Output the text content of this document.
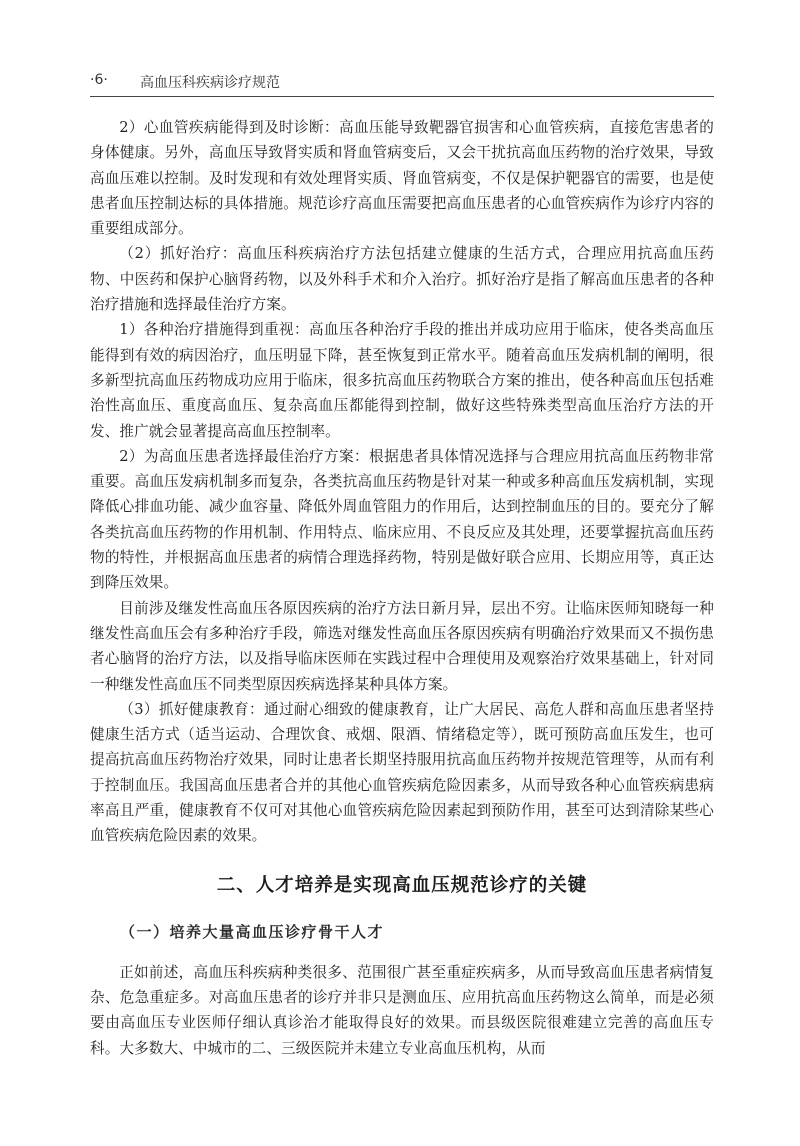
·6· 高血压科疾病诊疗规范

2）心血管疾病能得到及时诊断：高血压能导致靶器官损害和心血管疾病，直接危害患者的身体健康。另外，高血压导致肾实质和肾血管病变后，又会干扰抗高血压药物的治疗效果，导致高血压难以控制。及时发现和有效处理肾实质、肾血管病变，不仅是保护靶器官的需要，也是使患者血压控制达标的具体措施。规范诊疗高血压需要把高血压患者的心血管疾病作为诊疗内容的重要组成部分。

（2）抓好治疗：高血压科疾病治疗方法包括建立健康的生活方式，合理应用抗高血压药物、中医药和保护心脑肾药物，以及外科手术和介入治疗。抓好治疗是指了解高血压患者的各种治疗措施和选择最佳治疗方案。

1）各种治疗措施得到重视：高血压各种治疗手段的推出并成功应用于临床，使各类高血压能得到有效的病因治疗，血压明显下降，甚至恢复到正常水平。随着高血压发病机制的阐明，很多新型抗高血压药物成功应用于临床，很多抗高血压药物联合方案的推出，使各种高血压包括难治性高血压、重度高血压、复杂高血压都能得到控制，做好这些特殊类型高血压治疗方法的开发、推广就会显著提高高血压控制率。

2）为高血压患者选择最佳治疗方案：根据患者具体情况选择与合理应用抗高血压药物非常重要。高血压发病机制多而复杂，各类抗高血压药物是针对某一种或多种高血压发病机制，实现降低心排血功能、减少血容量、降低外周血管阻力的作用后，达到控制血压的目的。要充分了解各类抗高血压药物的作用机制、作用特点、临床应用、不良反应及其处理，还要掌握抗高血压药物的特性，并根据高血压患者的病情合理选择药物，特别是做好联合应用、长期应用等，真正达到降压效果。

目前涉及继发性高血压各原因疾病的治疗方法日新月异，层出不穷。让临床医师知晓每一种继发性高血压会有多种治疗手段，筛选对继发性高血压各原因疾病有明确治疗效果而又不损伤患者心脑肾的治疗方法，以及指导临床医师在实践过程中合理使用及观察治疗效果基础上，针对同一种继发性高血压不同类型原因疾病选择某种具体方案。

（3）抓好健康教育：通过耐心细致的健康教育，让广大居民、高危人群和高血压患者坚持健康生活方式（适当运动、合理饮食、戒烟、限酒、情绪稳定等），既可预防高血压发生，也可提高抗高血压药物治疗效果，同时让患者长期坚持服用抗高血压药物并按规范管理等，从而有利于控制血压。我国高血压患者合并的其他心血管疾病危险因素多，从而导致各种心血管疾病患病率高且严重，健康教育不仅可对其他心血管疾病危险因素起到预防作用，甚至可达到清除某些心血管疾病危险因素的效果。

二、人才培养是实现高血压规范诊疗的关键
（一）培养大量高血压诊疗骨干人才

正如前述，高血压科疾病种类很多、范围很广甚至重症疾病多，从而导致高血压患者病情复杂、危急重症多。对高血压患者的诊疗并非只是测血压、应用抗高血压药物这么简单，而是必须要由高血压专业医师仔细认真诊治才能取得良好的效果。而县级医院很难建立完善的高血压专科。大多数大、中城市的二、三级医院并未建立专业高血压机构，从而
